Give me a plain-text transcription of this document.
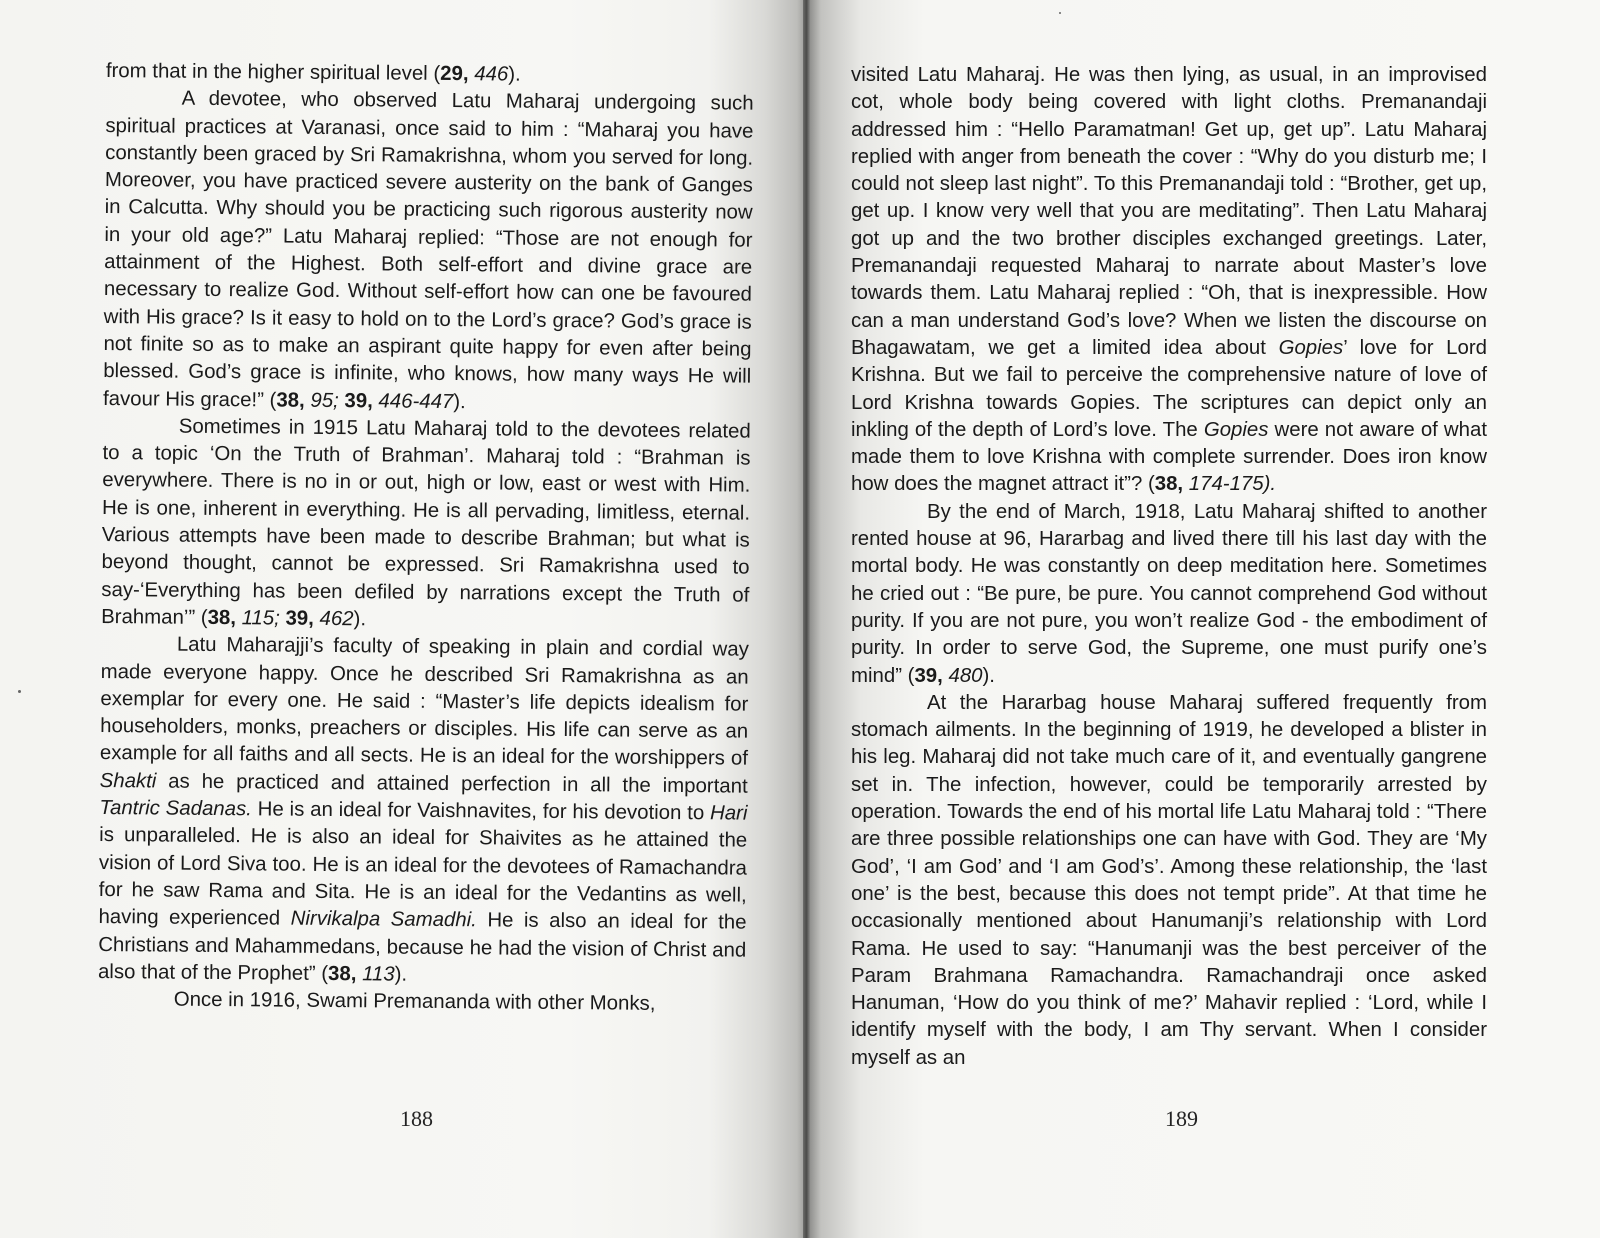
from that in the higher spiritual level (29, 446).

A devotee, who observed Latu Maharaj undergoing such spiritual practices at Varanasi, once said to him : “Maharaj you have constantly been graced by Sri Ramakrishna, whom you served for long. Moreover, you have practiced severe austerity on the bank of Ganges in Calcutta. Why should you be practicing such rigorous austerity now in your old age?” Latu Maharaj replied: “Those are not enough for attainment of the Highest. Both self-effort and divine grace are necessary to realize God. Without self-effort how can one be favoured with His grace? Is it easy to hold on to the Lord’s grace? God’s grace is not finite so as to make an aspirant quite happy for even after being blessed. God’s grace is infinite, who knows, how many ways He will favour His grace!” (38, 95; 39, 446-447).

Sometimes in 1915 Latu Maharaj told to the devotees related to a topic ‘On the Truth of Brahman’. Maharaj told : “Brahman is everywhere. There is no in or out, high or low, east or west with Him. He is one, inherent in everything. He is all pervading, limitless, eternal. Various attempts have been made to describe Brahman; but what is beyond thought, cannot be expressed. Sri Ramakrishna used to say-‘Everything has been defiled by narrations except the Truth of Brahman’” (38, 115; 39, 462).

Latu Maharajji’s faculty of speaking in plain and cordial way made everyone happy. Once he described Sri Ramakrishna as an exemplar for every one. He said : “Master’s life depicts idealism for householders, monks, preachers or disciples. His life can serve as an example for all faiths and all sects. He is an ideal for the worshippers of Shakti as he practiced and attained perfection in all the important Tantric Sadanas. He is an ideal for Vaishnavites, for his devotion to Hari is unparalleled. He is also an ideal for Shaivites as he attained the vision of Lord Siva too. He is an ideal for the devotees of Ramachandra for he saw Rama and Sita. He is an ideal for the Vedantins as well, having experienced Nirvikalpa Samadhi. He is also an ideal for the Christians and Mahammedans, because he had the vision of Christ and also that of the Prophet” (38, 113).

Once in 1916, Swami Premananda with other Monks,

188

visited Latu Maharaj. He was then lying, as usual, in an improvised cot, whole body being covered with light cloths. Premanandaji addressed him : “Hello Paramatman! Get up, get up”. Latu Maharaj replied with anger from beneath the cover : “Why do you disturb me; I could not sleep last night”. To this Premanandaji told : “Brother, get up, get up. I know very well that you are meditating”. Then Latu Maharaj got up and the two brother disciples exchanged greetings. Later, Premanandaji requested Maharaj to narrate about Master’s love towards them. Latu Maharaj replied : “Oh, that is inexpressible. How can a man understand God’s love? When we listen the discourse on Bhagawatam, we get a limited idea about Gopies’ love for Lord Krishna. But we fail to perceive the comprehensive nature of love of Lord Krishna towards Gopies. The scriptures can depict only an inkling of the depth of Lord’s love. The Gopies were not aware of what made them to love Krishna with complete surrender. Does iron know how does the magnet attract it”? (38, 174-175).

By the end of March, 1918, Latu Maharaj shifted to another rented house at 96, Hararbag and lived there till his last day with the mortal body. He was constantly on deep meditation here. Sometimes he cried out : “Be pure, be pure. You cannot comprehend God without purity. If you are not pure, you won’t realize God - the embodiment of purity. In order to serve God, the Supreme, one must purify one’s mind” (39, 480).

At the Hararbag house Maharaj suffered frequently from stomach ailments. In the beginning of 1919, he developed a blister in his leg. Maharaj did not take much care of it, and eventually gangrene set in. The infection, however, could be temporarily arrested by operation. Towards the end of his mortal life Latu Maharaj told : “There are three possible relationships one can have with God. They are ‘My God’, ‘I am God’ and ‘I am God’s’. Among these relationship, the ‘last one’ is the best, because this does not tempt pride”. At that time he occasionally mentioned about Hanumanji’s relationship with Lord Rama. He used to say: “Hanumanji was the best perceiver of the Param Brahmana Ramachandra. Ramachandraji once asked Hanuman, ‘How do you think of me?’ Mahavir replied : ‘Lord, while I identify myself with the body, I am Thy servant. When I consider myself as an

189
